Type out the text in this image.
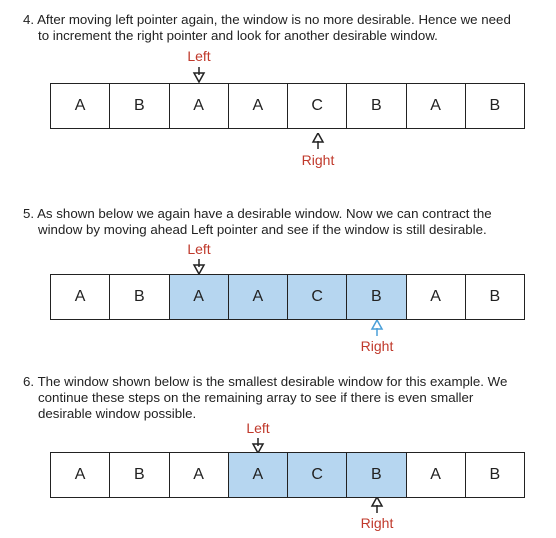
4. After moving left pointer again, the window is no more desirable. Hence we need
to increment the right pointer and look for another desirable window.

Left
A	B	A	A	C	B	A	B
Right

5. As shown below we again have a desirable window. Now we can contract the
window by moving ahead Left pointer and see if the window is still desirable.

Left
A	B	A	A	C	B	A	B
Right

6. The window shown below is the smallest desirable window for this example. We
continue these steps on the remaining array to see if there is even smaller
desirable window possible.

Left
A	B	A	A	C	B	A	B
Right
